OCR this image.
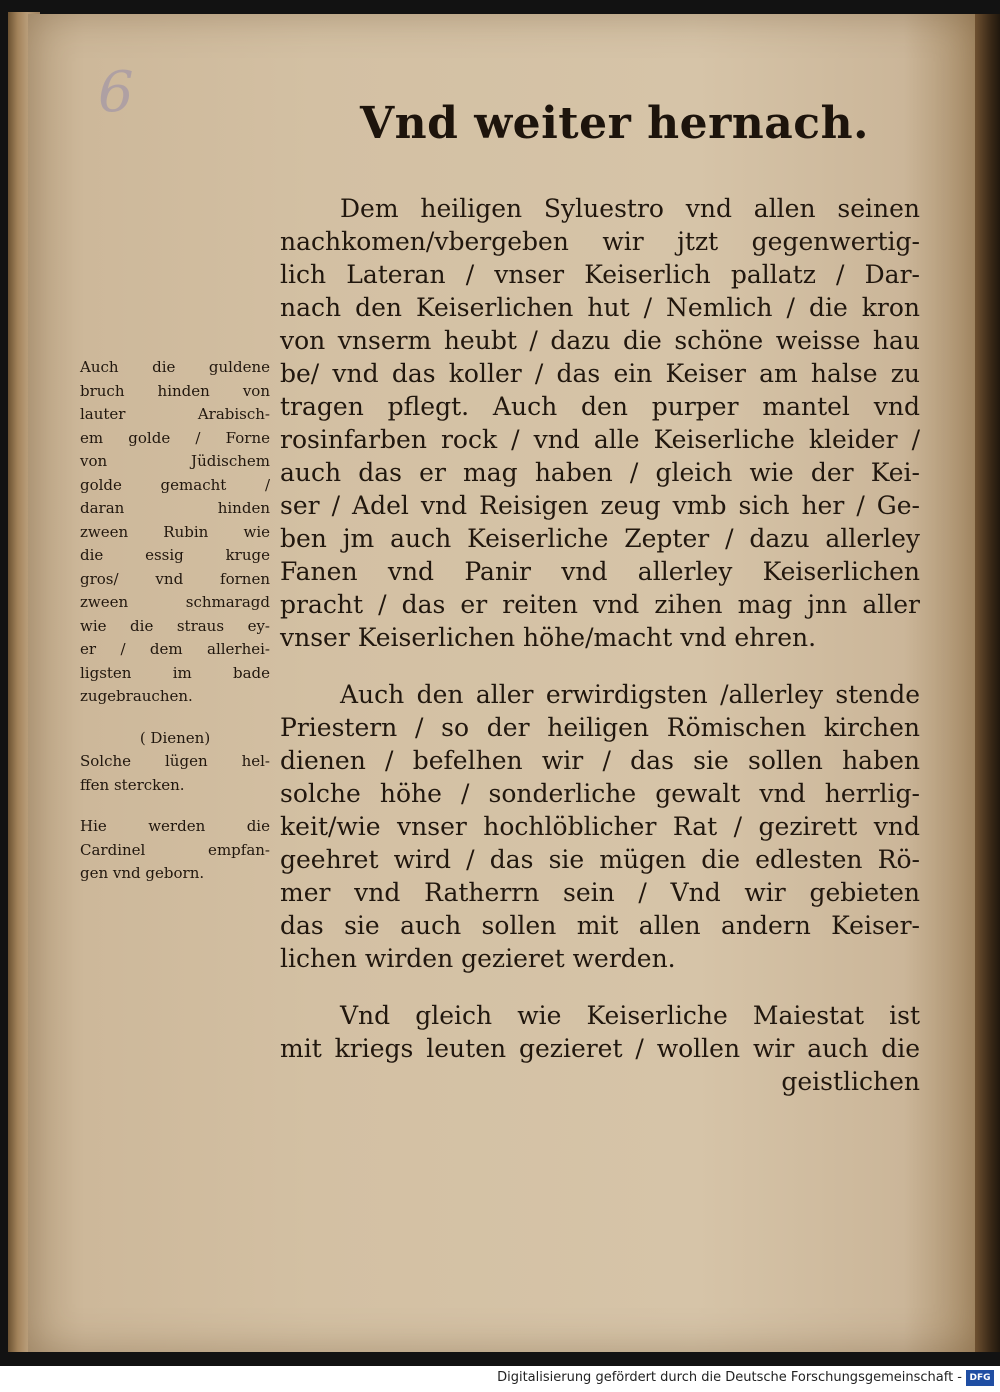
6	Vnd weiter hernach.
Dem heiligen Syluestro vnd allen seinen
nachkomen/vbergeben wir jtzt gegenwertig-
lich Lateran / vnser Keiserlich pallatz / Dar-
nach den Keiserlichen hut / Nemlich / die kron
von vnserm heubt / dazu die schöne weisse hau
be/ vnd das koller / das ein Keiser am halse zu
tragen pflegt. Auch den purper mantel vnd
rosinfarben rock / vnd alle Keiserliche kleider /
auch das er mag haben / gleich wie der Kei-
ser / Adel vnd Reisigen zeug vmb sich her / Ge-
ben jm auch Keiserliche Zepter / dazu allerley
Fanen vnd Panir vnd allerley Keiserlichen
pracht / das er reiten vnd zihen mag jnn aller
vnser Keiserlichen höhe/macht vnd ehren.
Auch den aller erwirdigsten /allerley stende
Priestern / so der heiligen Römischen kirchen
dienen / befelhen wir / das sie sollen haben
solche höhe / sonderliche gewalt vnd herrlig-
keit/wie vnser hochlöblicher Rat / gezirett vnd
geehret wird / das sie mügen die edlesten Rö-
mer vnd Ratherrn sein / Vnd wir gebieten
das sie auch sollen mit allen andern Keiser-
lichen wirden gezieret werden.
Vnd gleich wie Keiserliche Maiestat ist
mit kriegs leuten gezieret / wollen wir auch die
geistlichen
Auch die guldene
bruch hinden von
lauter Arabisch-
em golde / Forne
von Jüdischem
golde gemacht /
daran hinden
zween Rubin wie
die essig kruge
gros/ vnd fornen
zween schmaragd
wie die straus ey-
er / dem allerhei-
ligsten im bade
zugebrauchen.
( Dienen)
Solche lügen hel-
ffen stercken.
Hie werden die
Cardinel empfan-
gen vnd geborn.
Digitalisierung gefördert durch die Deutsche Forschungsgemeinschaft - DFG
